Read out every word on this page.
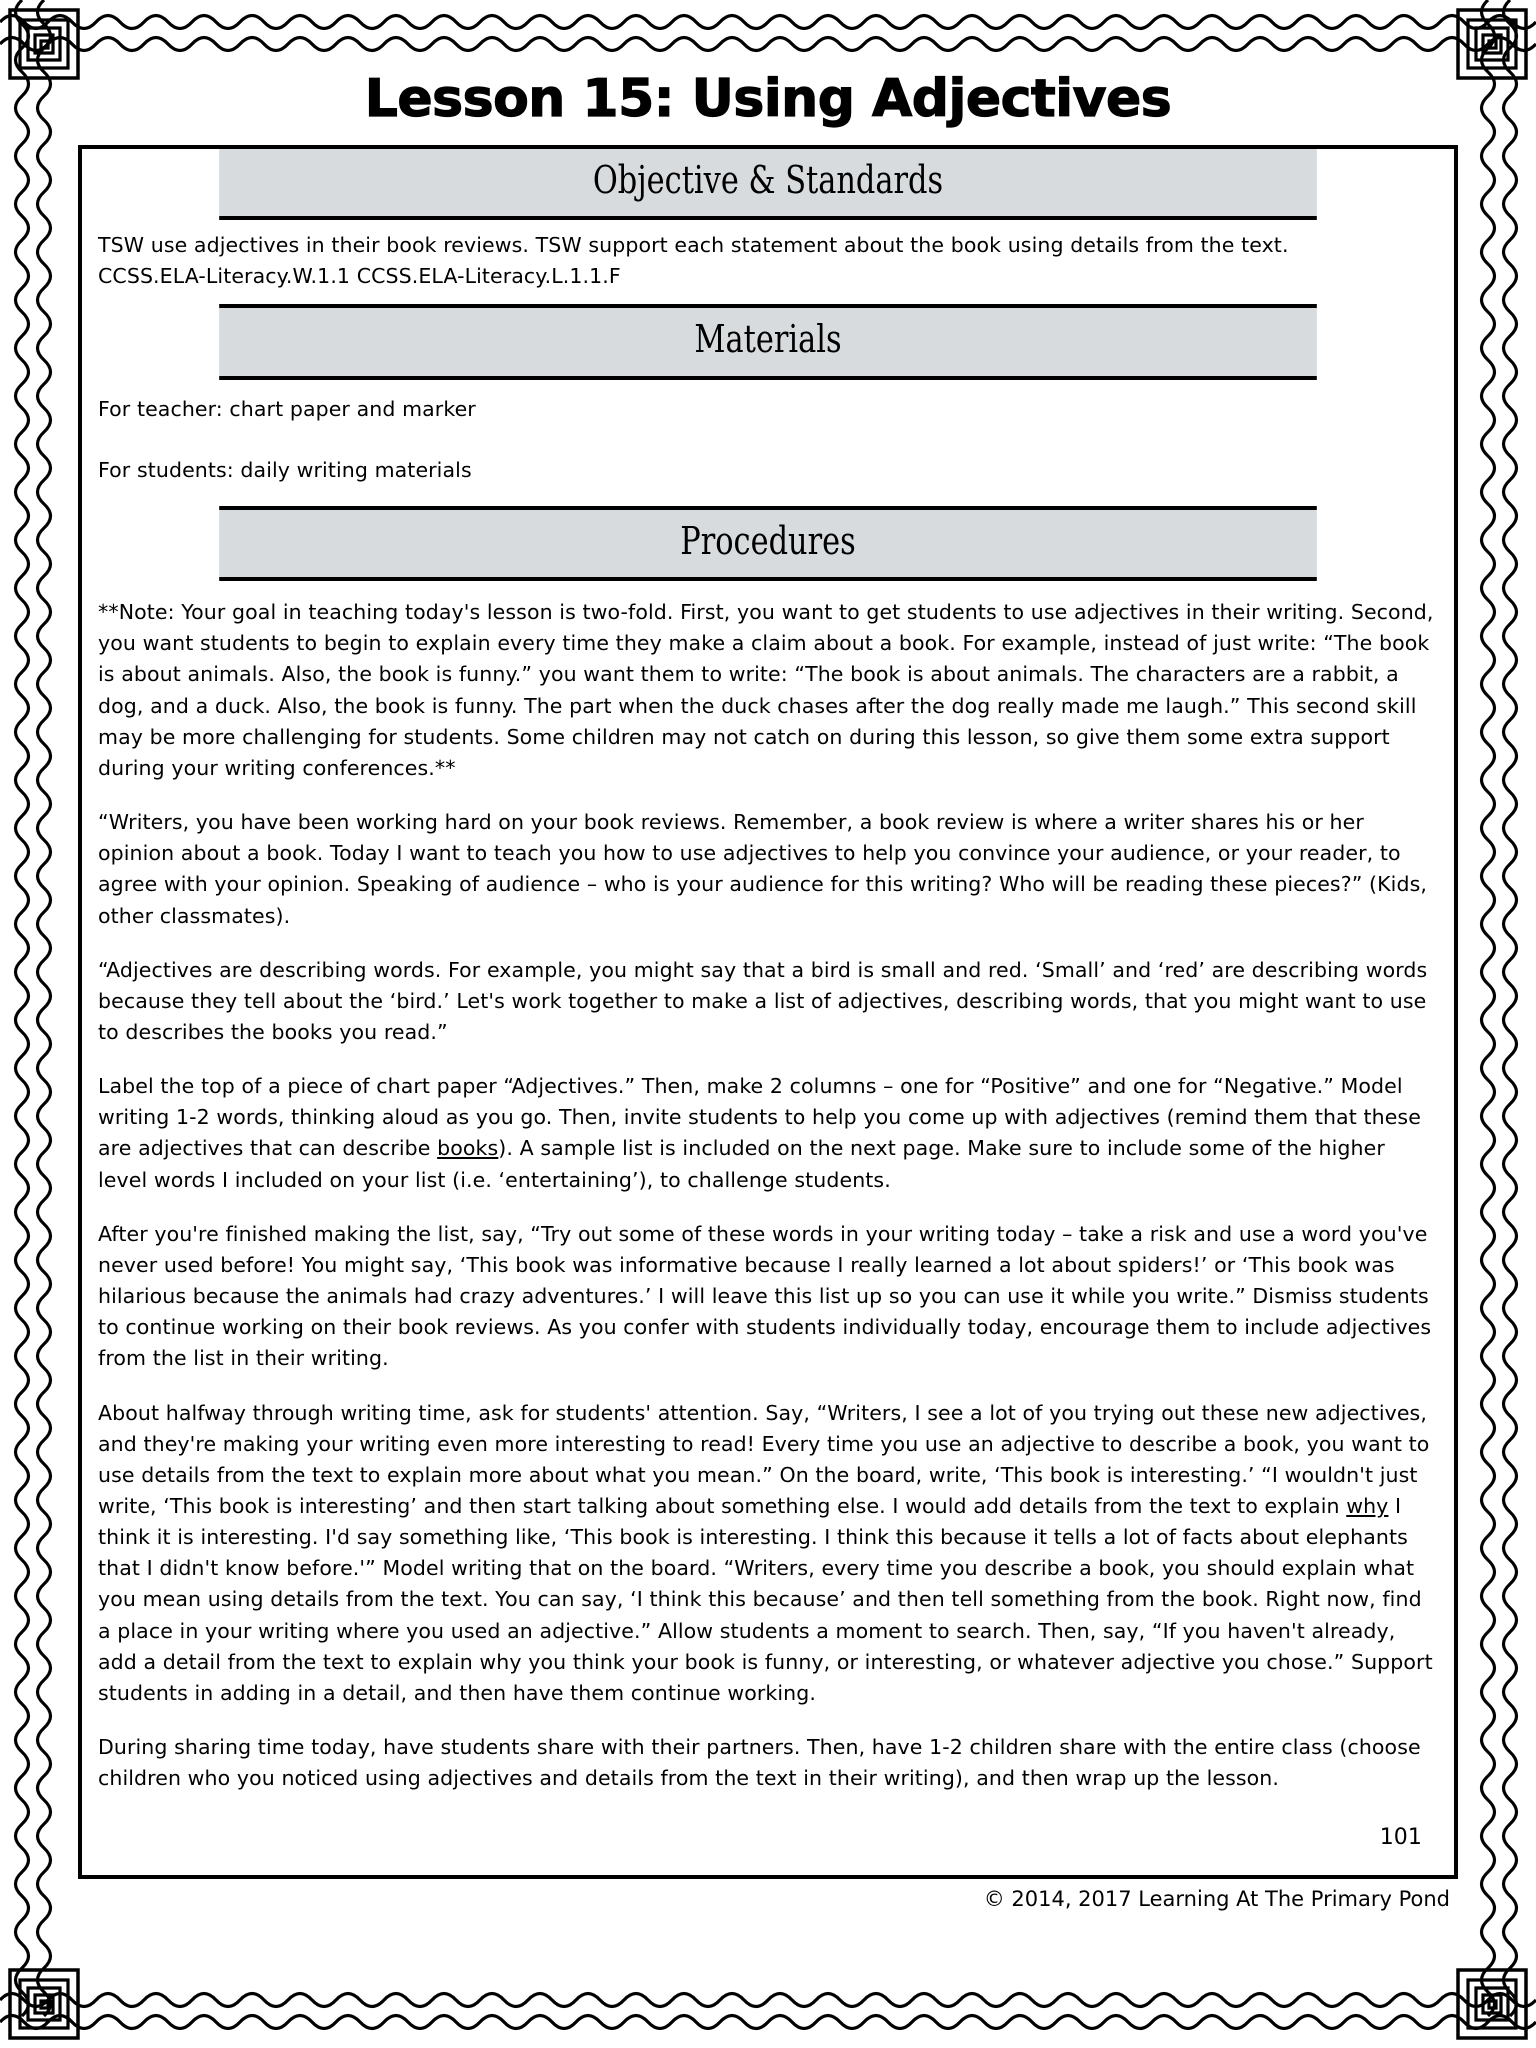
Lesson 15: Using Adjectives
Objective & Standards

TSW use adjectives in their book reviews. TSW support each statement about the book using details from the text.

CCSS.ELA-Literacy.W.1.1 CCSS.ELA-Literacy.L.1.1.F

Materials

For teacher: chart paper and marker

For students: daily writing materials

Procedures

**Note: Your goal in teaching today's lesson is two-fold. First, you want to get students to use adjectives in their writing. Second, you want students to begin to explain every time they make a claim about a book. For example, instead of just write: “The book is about animals. Also, the book is funny.” you want them to write: “The book is about animals. The characters are a rabbit, a dog, and a duck. Also, the book is funny. The part when the duck chases after the dog really made me laugh.” This second skill may be more challenging for students. Some children may not catch on during this lesson, so give them some extra support during your writing conferences.**

“Writers, you have been working hard on your book reviews. Remember, a book review is where a writer shares his or her opinion about a book. Today I want to teach you how to use adjectives to help you convince your audience, or your reader, to agree with your opinion. Speaking of audience – who is your audience for this writing? Who will be reading these pieces?” (Kids, other classmates).

“Adjectives are describing words. For example, you might say that a bird is small and red. ‘Small’ and ‘red’ are describing words because they tell about the ‘bird.’ Let's work together to make a list of adjectives, describing words, that you might want to use to describes the books you read.”

Label the top of a piece of chart paper “Adjectives.” Then, make 2 columns – one for “Positive” and one for “Negative.” Model writing 1-2 words, thinking aloud as you go. Then, invite students to help you come up with adjectives (remind them that these are adjectives that can describe books). A sample list is included on the next page. Make sure to include some of the higher level words I included on your list (i.e. ‘entertaining’), to challenge students.

After you're finished making the list, say, “Try out some of these words in your writing today – take a risk and use a word you've never used before! You might say, ‘This book was informative because I really learned a lot about spiders!’ or ‘This book was hilarious because the animals had crazy adventures.’ I will leave this list up so you can use it while you write.” Dismiss students to continue working on their book reviews. As you confer with students individually today, encourage them to include adjectives from the list in their writing.

About halfway through writing time, ask for students' attention. Say, “Writers, I see a lot of you trying out these new adjectives, and they're making your writing even more interesting to read! Every time you use an adjective to describe a book, you want to use details from the text to explain more about what you mean.” On the board, write, ‘This book is interesting.’ “I wouldn't just write, ‘This book is interesting’ and then start talking about something else. I would add details from the text to explain why I think it is interesting. I'd say something like, ‘This book is interesting. I think this because it tells a lot of facts about elephants that I didn't know before.'” Model writing that on the board. “Writers, every time you describe a book, you should explain what you mean using details from the text. You can say, ‘I think this because’ and then tell something from the book. Right now, find a place in your writing where you used an adjective.” Allow students a moment to search. Then, say, “If you haven't already, add a detail from the text to explain why you think your book is funny, or interesting, or whatever adjective you chose.” Support students in adding in a detail, and then have them continue working.

During sharing time today, have students share with their partners. Then, have 1-2 children share with the entire class (choose children who you noticed using adjectives and details from the text in their writing), and then wrap up the lesson.

101
© 2014, 2017 Learning At The Primary Pond
